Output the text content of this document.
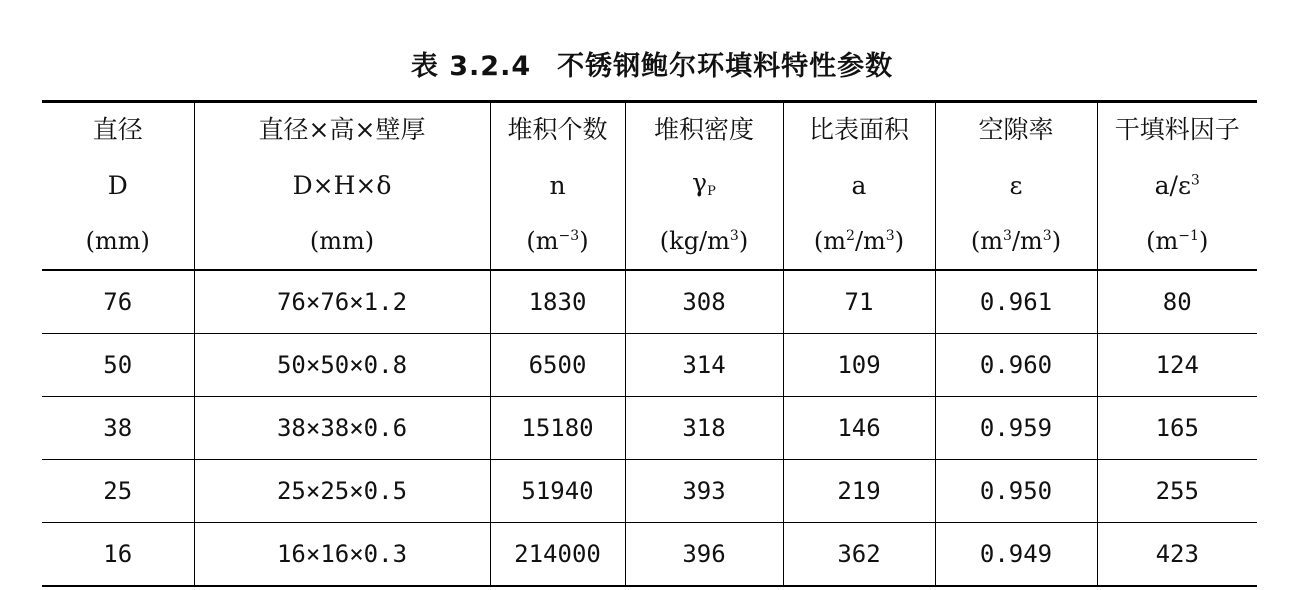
表 3.2.4 不锈钢鲍尔环填料特性参数
直径	直径×高×壁厚	堆积个数	堆积密度	比表面积	空隙率	干填料因子
D	D×H×δ	n	γP	a	ε	$a/\varepsilon^3$
(mm)	(mm)	$(m^{-3})$	$(kg/m^3)$	$(m^2/m^3)$	$(m^3/m^3)$	$(m^{-1})$
76	76×76×1.2	1830	308	71	0.961	80
50	50×50×0.8	6500	314	109	0.960	124
38	38×38×0.6	15180	318	146	0.959	165
25	25×25×0.5	51940	393	219	0.950	255
16	16×16×0.3	214000	396	362	0.949	423
